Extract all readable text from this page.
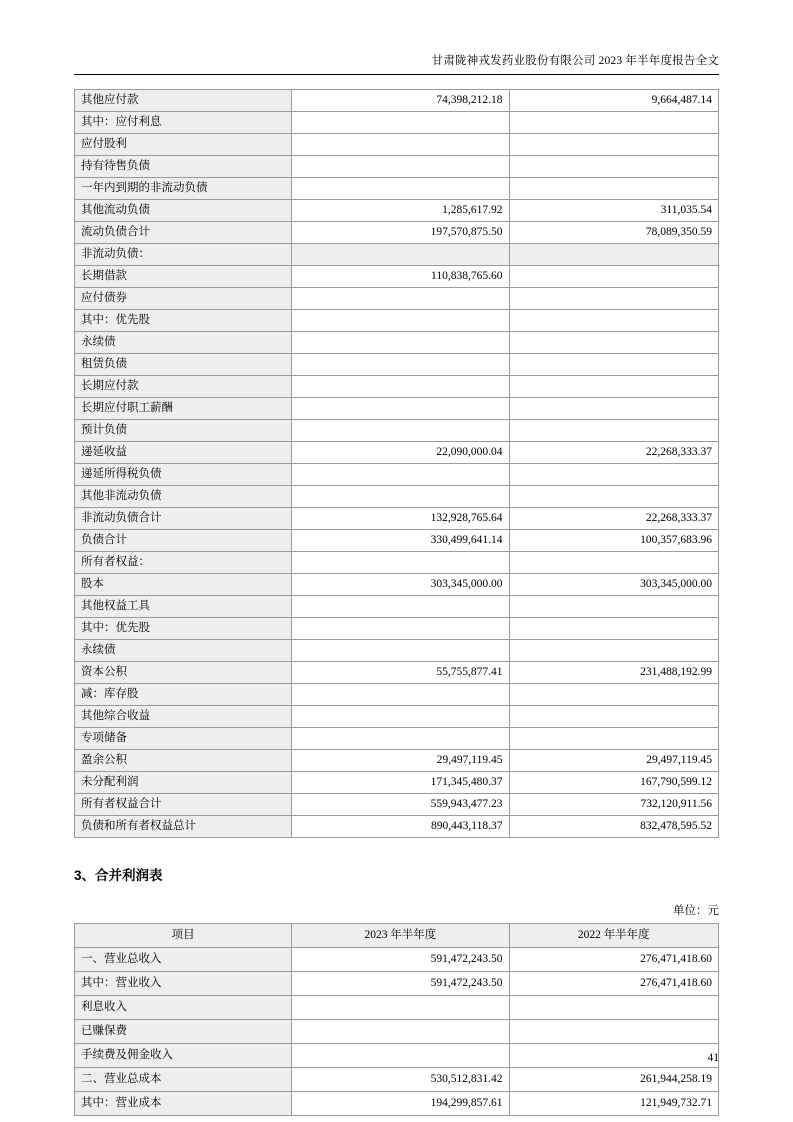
甘肃陇神戎发药业股份有限公司 2023 年半年度报告全文
其他应付款	74,398,212.18	9,664,487.14
其中：应付利息		
应付股利		
持有待售负债		
一年内到期的非流动负债		
其他流动负债	1,285,617.92	311,035.54
流动负债合计	197,570,875.50	78,089,350.59
非流动负债：		
长期借款	110,838,765.60	
应付债券		
其中：优先股		
永续债		
租赁负债		
长期应付款		
长期应付职工薪酬		
预计负债		
递延收益	22,090,000.04	22,268,333.37
递延所得税负债		
其他非流动负债		
非流动负债合计	132,928,765.64	22,268,333.37
负债合计	330,499,641.14	100,357,683.96
所有者权益：		
股本	303,345,000.00	303,345,000.00
其他权益工具		
其中：优先股		
永续债		
资本公积	55,755,877.41	231,488,192.99
减：库存股		
其他综合收益		
专项储备		
盈余公积	29,497,119.45	29,497,119.45
未分配利润	171,345,480.37	167,790,599.12
所有者权益合计	559,943,477.23	732,120,911.56
负债和所有者权益总计	890,443,118.37	832,478,595.52
3、合并利润表
单位：元
项目	2023 年半年度	2022 年半年度
一、营业总收入	591,472,243.50	276,471,418.60
其中：营业收入	591,472,243.50	276,471,418.60
利息收入		
已赚保费		
手续费及佣金收入		
二、营业总成本	530,512,831.42	261,944,258.19
其中：营业成本	194,299,857.61	121,949,732.71
41
